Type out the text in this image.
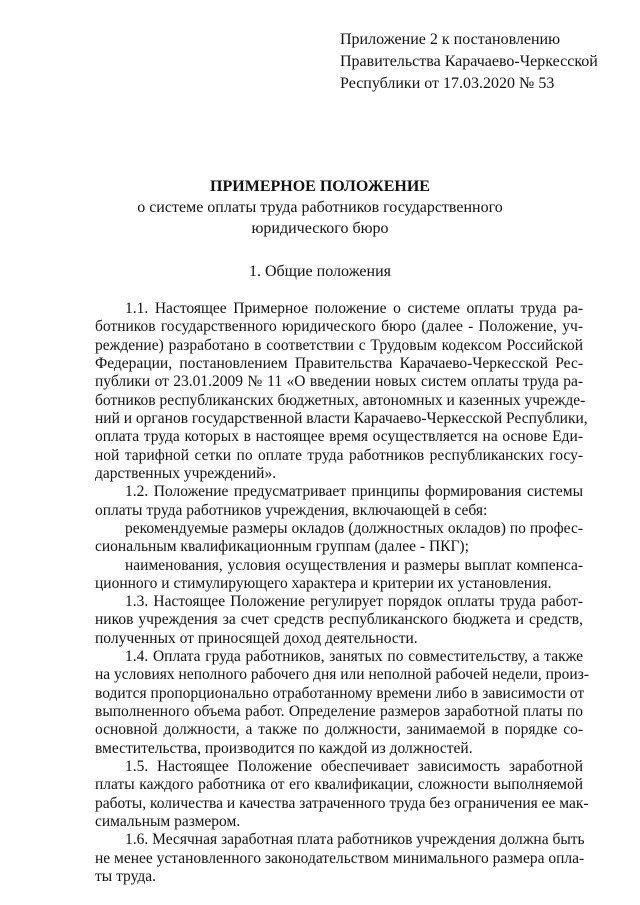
Приложение 2 к постановлению
Правительства Карачаево-Черкесской
Республики от 17.03.2020 № 53
ПРИМЕРНОЕ ПОЛОЖЕНИЕ
о системе оплаты труда работников государственного
юридического бюро
1. Общие положения
1.1. Настоящее Примерное положение о системе оплаты труда ра-
ботников государственного юридического бюро (далее - Положение, уч-
реждение) разработано в соответствии с Трудовым кодексом Российской
Федерации, постановлением Правительства Карачаево-Черкесской Рес-
публики от 23.01.2009 № 11 «О введении новых систем оплаты труда ра-
ботников республиканских бюджетных, автономных и казенных учрежде-
ний и органов государственной власти Карачаево-Черкесской Республики,
оплата труда которых в настоящее время осуществляется на основе Еди-
ной тарифной сетки по оплате труда работников республиканских госу-
дарственных учреждений».
1.2. Положение предусматривает принципы формирования системы
оплаты труда работников учреждения, включающей в себя:
рекомендуемые размеры окладов (должностных окладов) по профес-
сиональным квалификационным группам (далее - ПКГ);
наименования, условия осуществления и размеры выплат компенса-
ционного и стимулирующего характера и критерии их установления.
1.3. Настоящее Положение регулирует порядок оплаты труда работ-
ников учреждения за счет средств республиканского бюджета и средств,
полученных от приносящей доход деятельности.
1.4. Оплата груда работников, занятых по совместительству, а также
на условиях неполного рабочего дня или неполной рабочей недели, произ-
водится пропорционально отработанному времени либо в зависимости от
выполненного объема работ. Определение размеров заработной платы по
основной должности, а также по должности, занимаемой в порядке со-
вместительства, производится по каждой из должностей.
1.5. Настоящее Положение обеспечивает зависимость заработной
платы каждого работника от его квалификации, сложности выполняемой
работы, количества и качества затраченного труда без ограничения ее мак-
симальным размером.
1.6. Месячная заработная плата работников учреждения должна быть
не менее установленного законодательством минимального размера опла-
ты труда.
